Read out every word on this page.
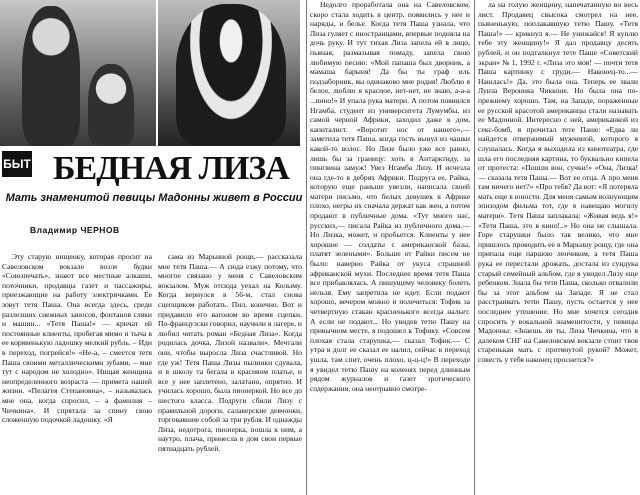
БЫТ БЕДНАЯ ЛИЗА
Мать знаменитой певицы Мадонны живет в России
Владимир ЧЕРНОВ

Эту старую нищенку, которая просит на Савеловском вокзале возле будки «Союзпечать», знают все местные алкаши, поточники, продавцы газет и пассажиры, приезжающие на работу электричками. Ее зовут тетя Паша. Она всегда здесь, среди разлезших снежных заносов, фонтанов сляки и машин... «Тетя Паша!» — кричат ей постоянные клиенты, пробегая мимо и тыча в ее корявенькую ладошку мелкий рубль. – Иди в переход, погрейся!» «Не-а, – смеется тетя Паша своими металлическими зубами, – мне тут с народом не холодно». Нищая женщина неопределенного возраста — примета нашей жизни. «Пелагея Степановна», – называлась мне она, когда спросил, – а фамилия – Чичкина». И спрятала за спину свою сложенную подочкой ладошку. «Я

сама из Марьиной рощи,— рассказала мне тетя Паша.— А сюда езжу потому, что многое связано у меня с Савеловским вокзалом. Муж отсюда уехал на Колыму. Когда вернулся в 56-м, стал снова сцепщиком работать. Пил, конечно. Вот и придавило его вагоном во время сцепки. По-французски говорил, научили в лагере, и любил читать роман «Бедная Лиза». Когда родилась дочка, Лизой назвали». Мечтали они, чтобы выросла Лиза счастливой. Но где уж! Тетя Паша Лизы пылинки сдувала, и в школу та бегала в красивом платье, и все у нее заплетено, залатано, опрятно. И училась хорошо, была пионеркой. Но все до шестого класса. Подруги сбили Лизу с правильной дороги, салаверские девчонки, торговавшие собой за три рубля. И однажды Лиза, недотрога, пионерка, пошла к ним, а наутро, плача, принесла в дом свои первые пятнадцать рублей.

Недолго проработала она на Савеловском, скоро стала ходить в центр, появились у нее и наряды, и белье. Когда тетя Паша узнала, что Лиза гуляет с иностранцами, впервые подняла на дочь руку. И тут тихая Лиза запела ей в лицо, пьяная, размазывая помаду, запела свою любимую песню: «Мой папаша был дворник, а мамаша барыня! Да бы ты граф иль подзаборник, вы одинаково мне родня! Люблю я белое, люблю я красное, нет-нет, не знаю, а-а-а ...вино!» И упала рука матери. А потом появился Нгамба, студент из университета Лумумбы, из самой черной Африки, заходил даже в дом, капиталист. «Воротит нос от нашего»,— заметила тетя Паша, когда гость вынул из чашки какой-то волос. Но Лизе было уже все равно, лишь бы за границу: хоть в Антарктиду, за пингвина замуж! Увез Нгамба Лизу. И исчезла она где-то в дебрях Африки. Подруга ее, Райка, которую еще раньше увезли, написала своей матери письмо, что белых девушек в Африке плохо, негры их сначала держат как жен, а потом продают в публичные дома. «Тут много нас, русских,— писала Райка из публичного дома.— Но Лизка, может, и пробьется. Клиенты у нее хорошие — солдаты с американской базы, платят зелеными». Больше от Райки писем не было: наверно Райка от укуса страшной африканской мухи. Последнее время тетя Паша все прибавлялась. А пишущему человеку болеть нельзя. Ему запретила не идет. Если подают хорошо, вечером можно и полечиться: Тофик за четвертную стакан красненького всегда нальет. А если не подают... Но увидев тетю Пашу на привычном месте, я подошел к Тофику. «Совсем плохая стала старушка,— сказал Тофик.— С утра в долг ее сказал ее налил, сейчас в переход ушла, там спит, очень плохо, ц-ц-ц!» В переходе я увидел тетю Пашу на коленях перед длинным рядом журналов и газет эротического содержания, она неотрывно смотре-

ла на голую женщину, напечатанную во весь лист. Продавец свысока смотрел на нее, пьяненькую, поплакавшую тетю Пашу. «Тетя Паша!» — крикнул я.— Не унижайся! Я куплю тебе эту женщину!» Я дал продавцу десять рублей, и он подталкнул тете Паше «Советский экран» № 1, 1992 г. «Лиза это моя! — почти тетя Паша картинку с груди.— Наконец-то...— Нашлась!» Да, это была она. Теперь ее звали Луиза Вероника Чикконе. Но была она по-прежнему хорошо. Там, на Западе, пораженные ее русской красотой американцы стали называть ее Мадонной. Интересно с ней, американкой из секс-бомб, я прочитал тете Паше: «Едва ли найдется отвержимый мужчиной, которого я слушалась. Когда я выходила из кинотеатра, где шла его последняя картина, то буквально кипела от протеста: «Пошли вон, сучки!» «Она, Лизка! — сказала тетя Паша.— Вот ее отца. А про меня там ничего нет?» «Про тебя? Да вот: «Я потеряла мать еще в юности. Для меня самым волнующим эпизодом фильма тот, где я навещаю могилу матери». Тетя Паша заплакала: «Живая ведь я!» «Тетя Паша, это в кино!..» Но она не слышала. Горе старушки было так велико, что мне пришлось проводить ее в Марьину рощу, где она припала еще паршою ленчиком, а тетя Паша рука ее перестали дрожать, достала из сундука старый семейный альбом, где я увидел Лизу еще ребенком. Знала бы тетя Паша, сколько отвалили бы за этот альбом на Западе. Я не стал расстраивать тетю Пашу, пусть остается у нее последнее утешение. Но мне хочется сегодня спросить у вокальной знаменитости, у певицы Мадонны: «Знаешь ли ты, Лиза Чичкина, что в далеком СНГ на Савеловском вокзале стоит твоя старенькая мать с протянутой рукой? Может, совесть у тебя наконец проснется?»
